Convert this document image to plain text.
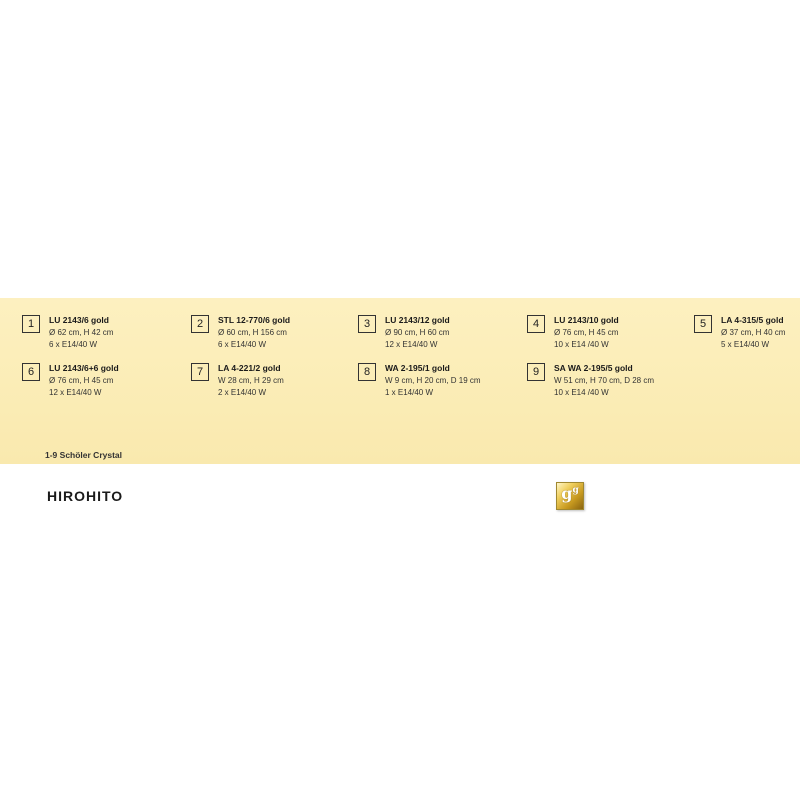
1	LU 2143/6 gold
Ø 62 cm, H 42 cm
6 x E14/40 W
2	STL 12-770/6 gold
Ø 60 cm, H 156 cm
6 x E14/40 W
3	LU 2143/12 gold
Ø 90 cm, H 60 cm
12 x E14/40 W
4	LU 2143/10 gold
Ø 76 cm, H 45 cm
10 x E14 /40 W
5	LA 4-315/5 gold
Ø 37 cm, H 40 cm
5 x E14/40 W
6	LU 2143/6+6 gold
Ø 76 cm, H 45 cm
12 x E14/40 W
7	LA 4-221/2 gold
W 28 cm, H 29 cm
2 x E14/40 W
8	WA 2-195/1 gold
W 9 cm, H 20 cm, D 19 cm
1 x E14/40 W
9	SA WA 2-195/5 gold
W 51 cm, H 70 cm, D 28 cm
10 x E14 /40 W
1-9 Schöler Crystal
HIROHITO	$g^g$
